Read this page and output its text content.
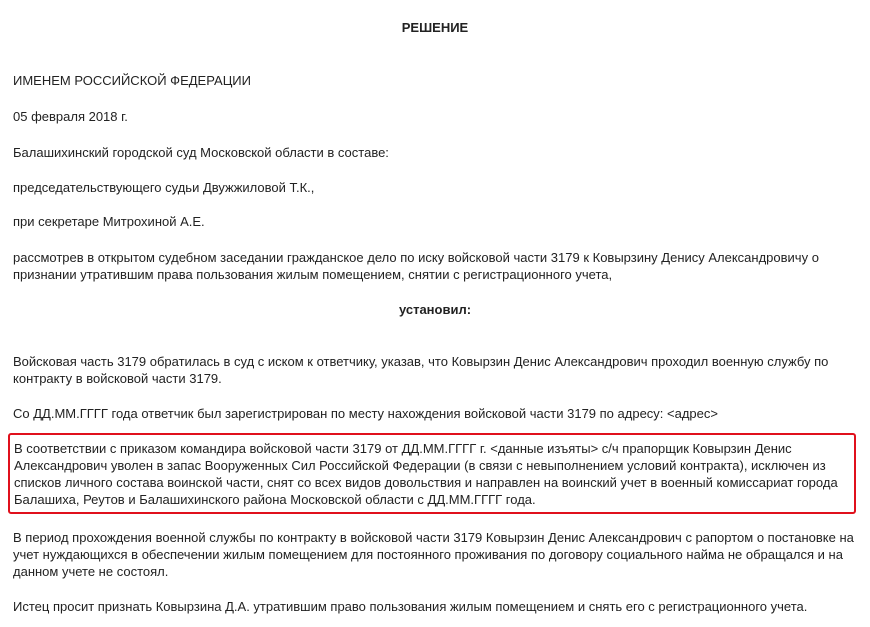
РЕШЕНИЕ

ИМЕНЕМ РОССИЙСКОЙ ФЕДЕРАЦИИ

05 февраля 2018 г.

Балашихинский городской суд Московской области в составе:

председательствующего судьи Двужжиловой Т.К.,

при секретаре Митрохиной А.Е.

рассмотрев в открытом судебном заседании гражданское дело по иску войсковой части 3179 к Ковырзину Денису Александровичу о признании утратившим права пользования жилым помещением, снятии с регистрационного учета,

установил:

Войсковая часть 3179 обратилась в суд с иском к ответчику, указав, что Ковырзин Денис Александрович проходил военную службу по контракту в войсковой части 3179.

Со ДД.ММ.ГГГГ года ответчик был зарегистрирован по месту нахождения войсковой части 3179 по адресу: <адрес>

В соответствии с приказом командира войсковой части 3179 от ДД.ММ.ГГГГ г. <данные изъяты> с/ч прапорщик Ковырзин Денис Александрович уволен в запас Вооруженных Сил Российской Федерации (в связи с невыполнением условий контракта), исключен из списков личного состава воинской части, снят со всех видов довольствия и направлен на воинский учет в военный комиссариат города Балашиха, Реутов и Балашихинского района Московской области с ДД.ММ.ГГГГ года.

В период прохождения военной службы по контракту в войсковой части 3179 Ковырзин Денис Александрович с рапортом о постановке на учет нуждающихся в обеспечении жилым помещением для постоянного проживания по договору социального найма не обращался и на данном учете не состоял.

Истец просит признать Ковырзина Д.А. утратившим право пользования жилым помещением и снять его с регистрационного учета.
